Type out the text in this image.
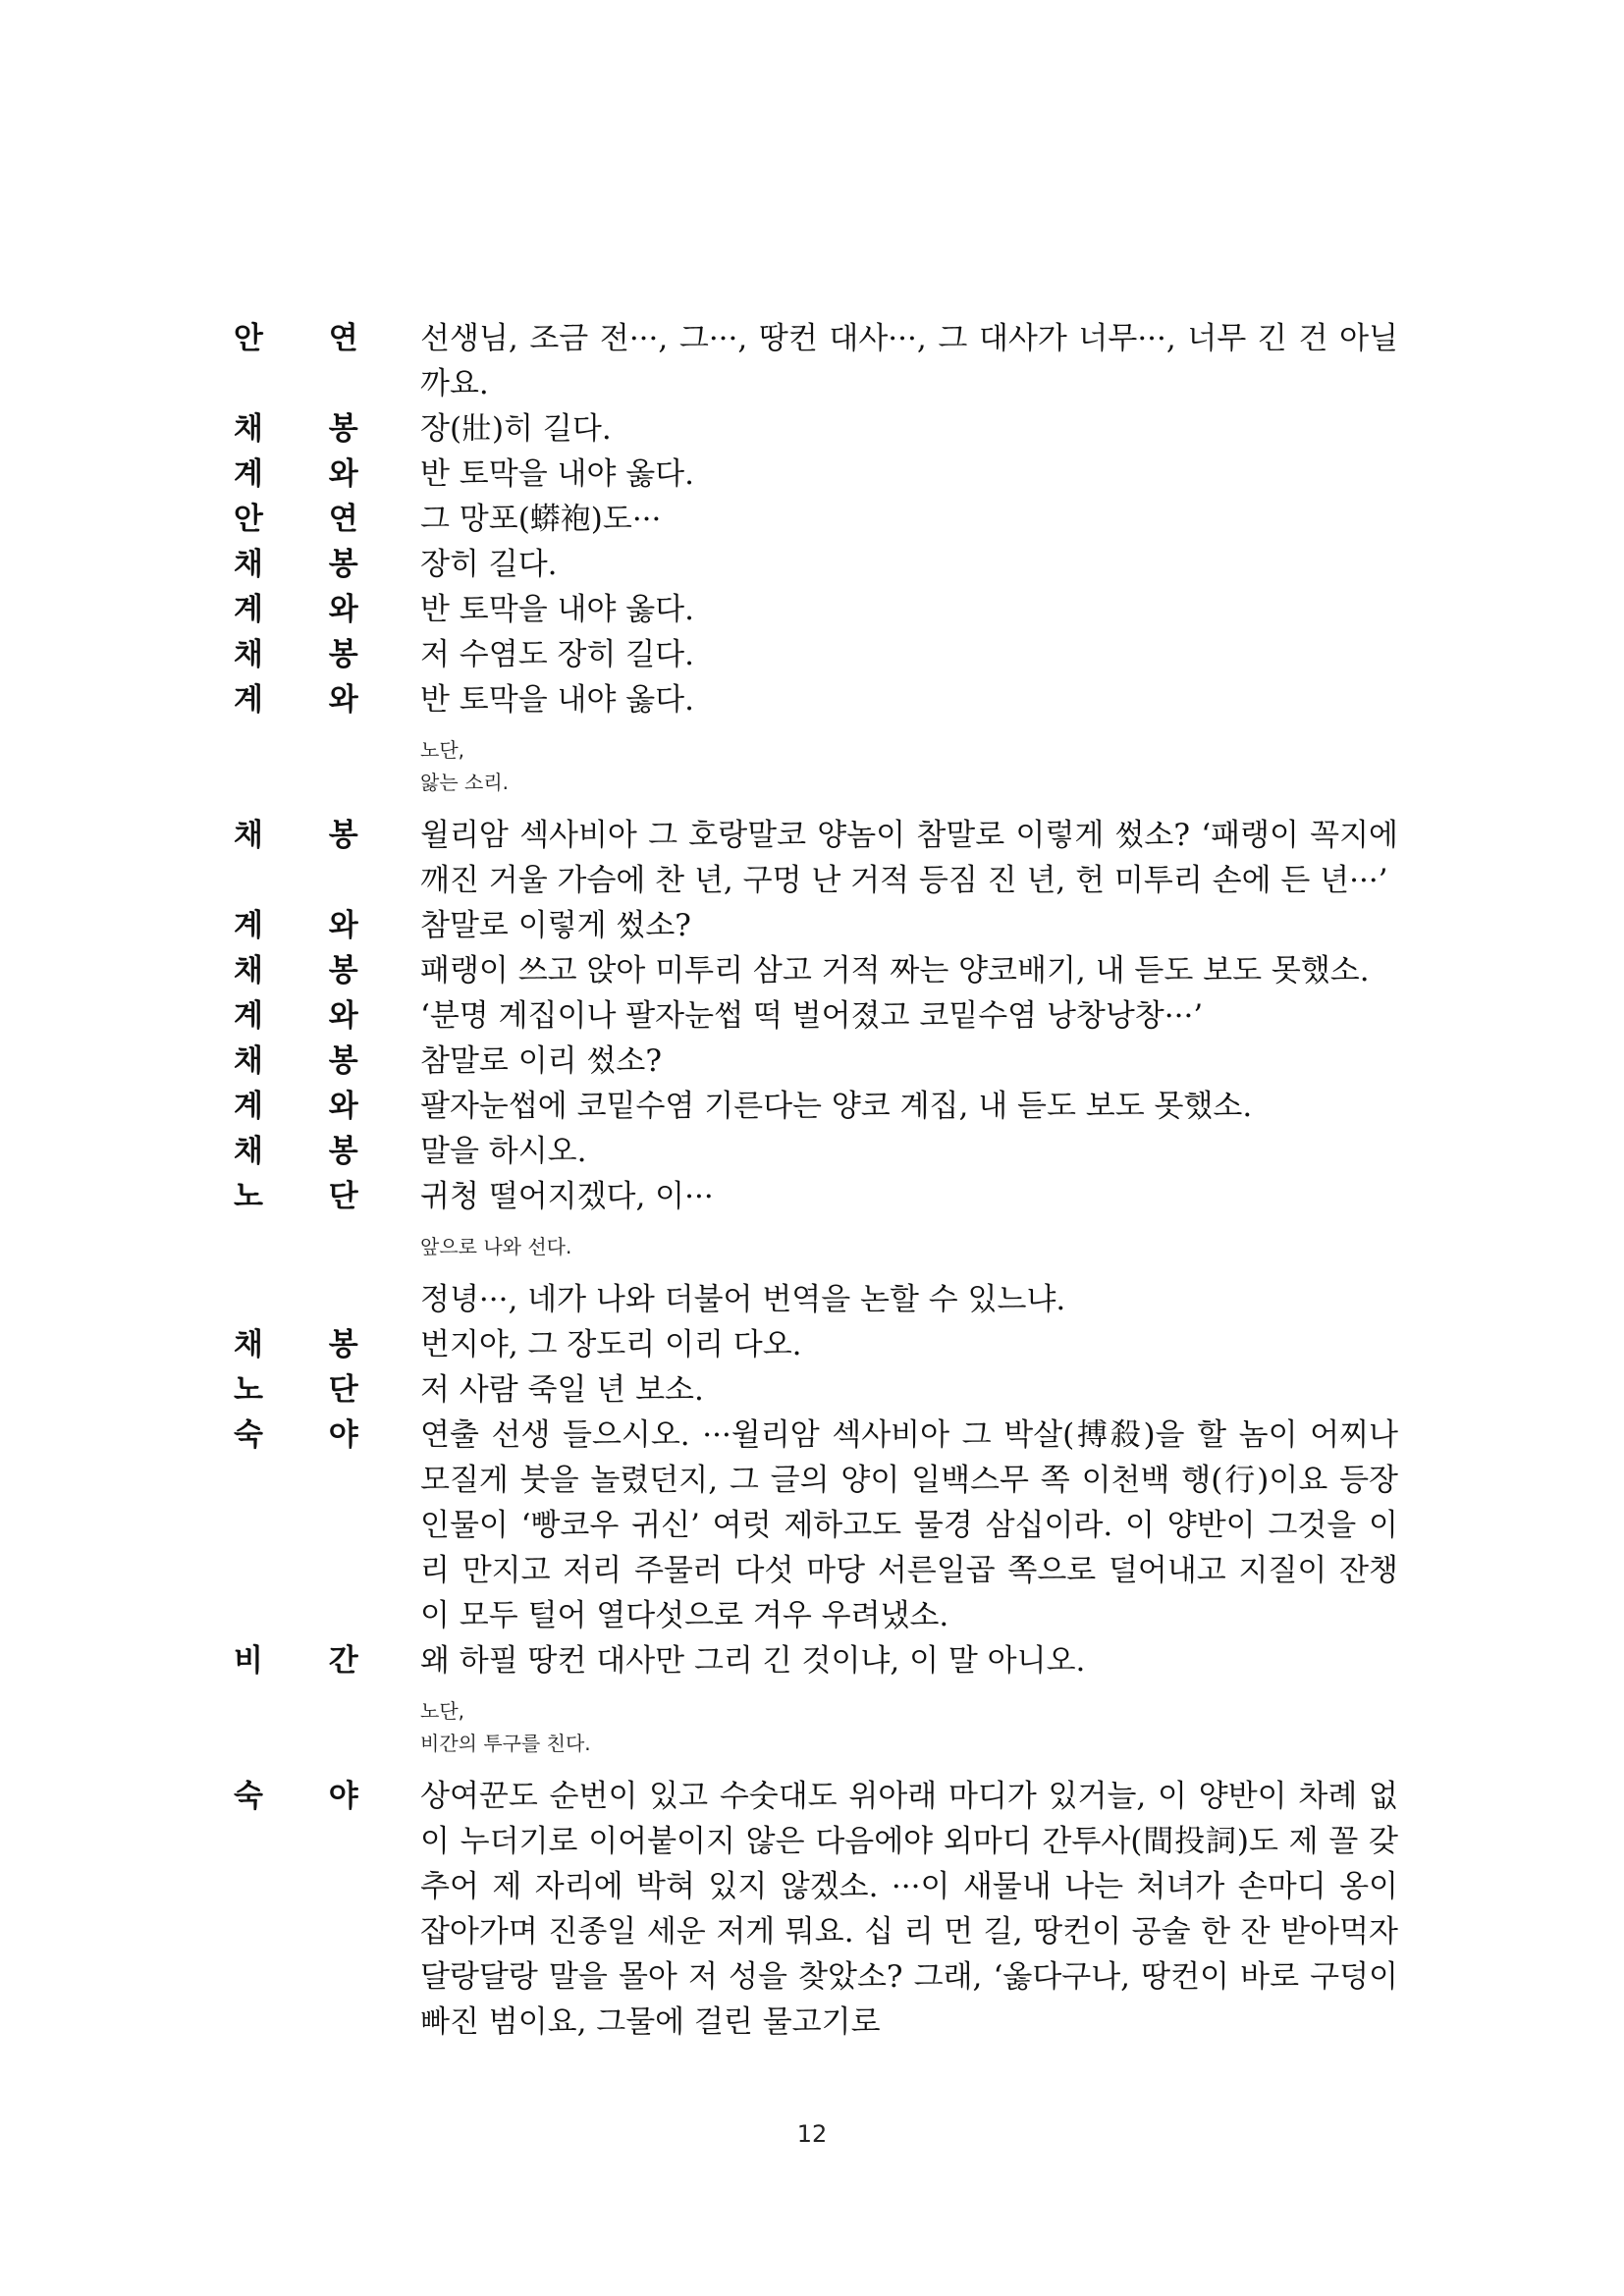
안 연	선생님, 조금 전···, 그···, 땅컨 대사···, 그 대사가 너무···, 너무 긴 건 아닐까요.
채 봉	장(壯)히 길다.
계 와	반 토막을 내야 옳다.
안 연	그 망포(蟒袍)도···
채 봉	장히 길다.
계 와	반 토막을 내야 옳다.
채 봉	저 수염도 장히 길다.
계 와	반 토막을 내야 옳다.
노단,
앓는 소리.
채 봉	윌리암 섹사비아 그 호랑말코 양놈이 참말로 이렇게 썼소? ‘패랭이 꼭지에 깨진 거울 가슴에 찬 년, 구멍 난 거적 등짐 진 년, 헌 미투리 손에 든 년···’
계 와	참말로 이렇게 썼소?
채 봉	패랭이 쓰고 앉아 미투리 삼고 거적 짜는 양코배기, 내 듣도 보도 못했소.
계 와	‘분명 계집이나 팔자눈썹 떡 벌어졌고 코밑수염 낭창낭창···’
채 봉	참말로 이리 썼소?
계 와	팔자눈썹에 코밑수염 기른다는 양코 계집, 내 듣도 보도 못했소.
채 봉	말을 하시오.
노 단	귀청 떨어지겠다, 이···
앞으로 나와 선다.
정녕···, 네가 나와 더불어 번역을 논할 수 있느냐.
채 봉	번지야, 그 장도리 이리 다오.
노 단	저 사람 죽일 년 보소.
숙 야	연출 선생 들으시오. ···윌리암 섹사비아 그 박살(搏殺)을 할 놈이 어찌나 모질게 붓을 놀렸던지, 그 글의 양이 일백스무 쪽 이천백 행(行)이요 등장인물이 ‘빵코우 귀신’ 여럿 제하고도 물경 삼십이라. 이 양반이 그것을 이리 만지고 저리 주물러 다섯 마당 서른일곱 쪽으로 덜어내고 지질이 잔챙이 모두 털어 열다섯으로 겨우 우려냈소.
비 간	왜 하필 땅컨 대사만 그리 긴 것이냐, 이 말 아니오.
노단,
비간의 투구를 친다.
숙 야	상여꾼도 순번이 있고 수숫대도 위아래 마디가 있거늘, 이 양반이 차례 없이 누더기로 이어붙이지 않은 다음에야 외마디 간투사(間投詞)도 제 꼴 갖추어 제 자리에 박혀 있지 않겠소. ···이 새물내 나는 처녀가 손마디 옹이 잡아가며 진종일 세운 저게 뭐요. 십 리 먼 길, 땅컨이 공술 한 잔 받아먹자 달랑달랑 말을 몰아 저 성을 찾았소? 그래, ‘옳다구나, 땅컨이 바로 구덩이 빠진 범이요, 그물에 걸린 물고기로
12
